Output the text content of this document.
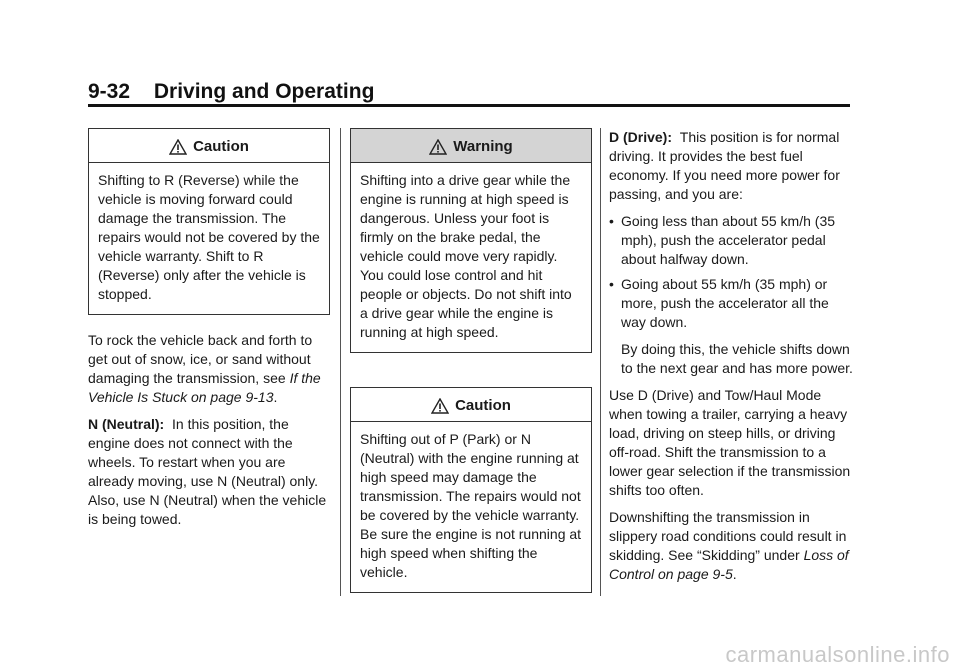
9-32 Driving and Operating
Caution

Shifting to R (Reverse) while the vehicle is moving forward could damage the transmission. The repairs would not be covered by the vehicle warranty. Shift to R (Reverse) only after the vehicle is stopped.

To rock the vehicle back and forth to get out of snow, ice, or sand without damaging the transmission, see If the Vehicle Is Stuck on page 9-13.

N (Neutral): In this position, the engine does not connect with the wheels. To restart when you are already moving, use N (Neutral) only. Also, use N (Neutral) when the vehicle is being towed.

Warning

Shifting into a drive gear while the engine is running at high speed is dangerous. Unless your foot is firmly on the brake pedal, the vehicle could move very rapidly. You could lose control and hit people or objects. Do not shift into a drive gear while the engine is running at high speed.

Caution

Shifting out of P (Park) or N (Neutral) with the engine running at high speed may damage the transmission. The repairs would not be covered by the vehicle warranty. Be sure the engine is not running at high speed when shifting the vehicle.

D (Drive): This position is for normal driving. It provides the best fuel economy. If you need more power for passing, and you are:

• Going less than about 55 km/h (35 mph), push the accelerator pedal about halfway down.
• Going about 55 km/h (35 mph) or more, push the accelerator all the way down.

By doing this, the vehicle shifts down to the next gear and has more power.

Use D (Drive) and Tow/Haul Mode when towing a trailer, carrying a heavy load, driving on steep hills, or driving off-road. Shift the transmission to a lower gear selection if the transmission shifts too often.

Downshifting the transmission in slippery road conditions could result in skidding. See “Skidding” under Loss of Control on page 9-5.

carmanualsonline.info
